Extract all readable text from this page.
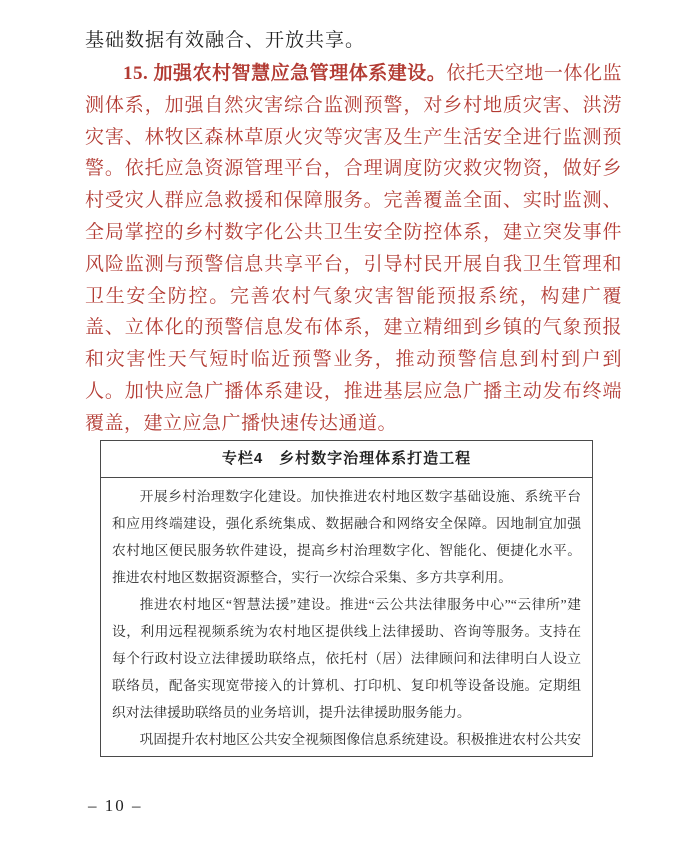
基础数据有效融合、开放共享。
15. 加强农村智慧应急管理体系建设。依托天空地一体化监测体系，加强自然灾害综合监测预警，对乡村地质灾害、洪涝灾害、林牧区森林草原火灾等灾害及生产生活安全进行监测预警。依托应急资源管理平台，合理调度防灾救灾物资，做好乡村受灾人群应急救援和保障服务。完善覆盖全面、实时监测、全局掌控的乡村数字化公共卫生安全防控体系，建立突发事件风险监测与预警信息共享平台，引导村民开展自我卫生管理和卫生安全防控。完善农村气象灾害智能预报系统，构建广覆盖、立体化的预警信息发布体系，建立精细到乡镇的气象预报和灾害性天气短时临近预警业务，推动预警信息到村到户到人。加快应急广播体系建设，推进基层应急广播主动发布终端覆盖，建立应急广播快速传达通道。
专栏4　乡村数字治理体系打造工程

开展乡村治理数字化建设。加快推进农村地区数字基础设施、系统平台和应用终端建设，强化系统集成、数据融合和网络安全保障。因地制宜加强农村地区便民服务软件建设，提高乡村治理数字化、智能化、便捷化水平。推进农村地区数据资源整合，实行一次综合采集、多方共享利用。

推进农村地区“智慧法援”建设。推进“云公共法律服务中心”“云律所”建设，利用远程视频系统为农村地区提供线上法律援助、咨询等服务。支持在每个行政村设立法律援助联络点，依托村（居）法律顾问和法律明白人设立联络员，配备实现宽带接入的计算机、打印机、复印机等设备设施。定期组织对法律援助联络员的业务培训，提升法律援助服务能力。

巩固提升农村地区公共安全视频图像信息系统建设。积极推进农村公共安

– 10 –
